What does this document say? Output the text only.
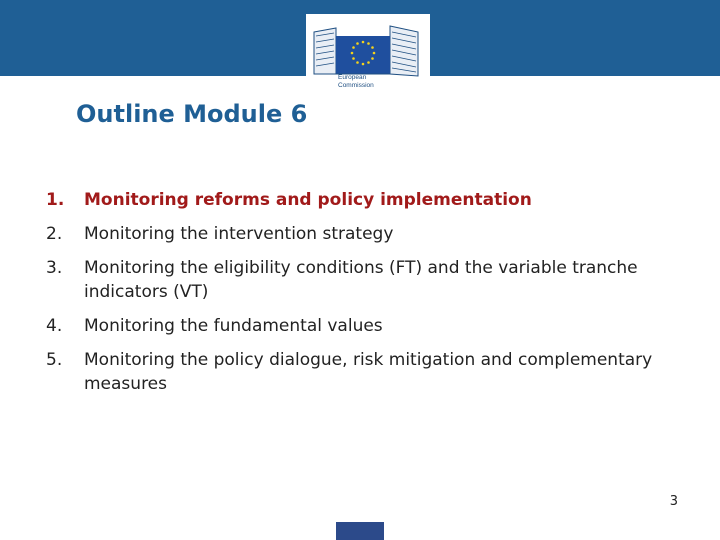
European
Commission
Outline Module 6
1. Monitoring reforms and policy implementation
2. Monitoring the intervention strategy
3. Monitoring the eligibility conditions (FT) and the variable tranche indicators (VT)
4. Monitoring the fundamental values
5. Monitoring the policy dialogue, risk mitigation and complementary measures
3
